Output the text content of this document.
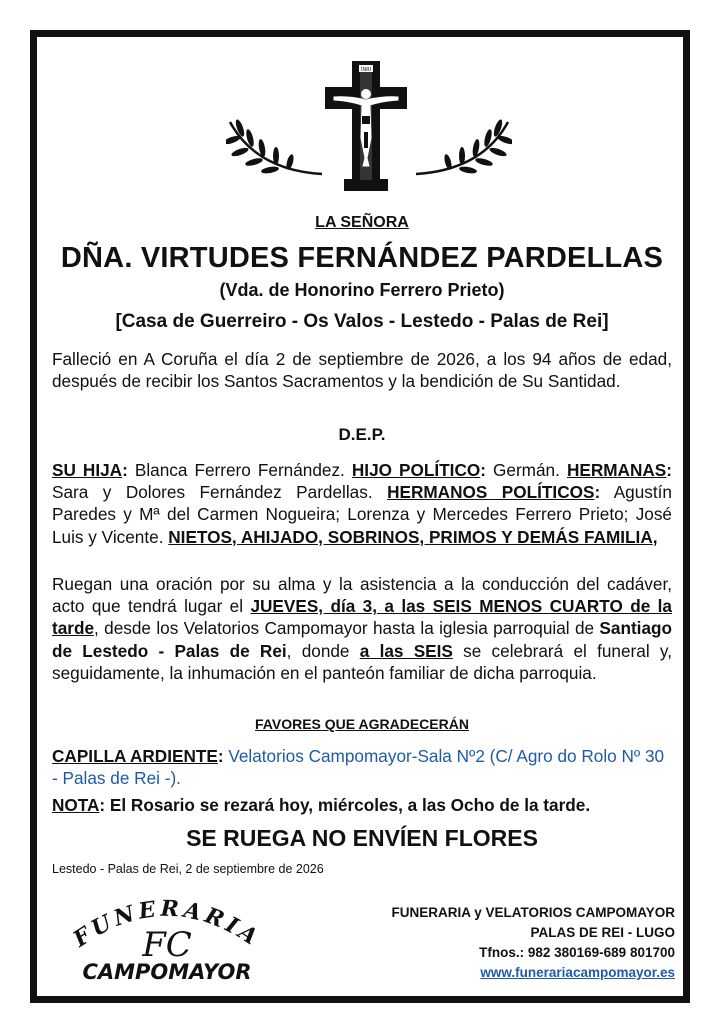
INRI
LA SEÑORA
DÑA. VIRTUDES FERNÁNDEZ PARDELLAS
(Vda. de Honorino Ferrero Prieto)
[Casa de Guerreiro - Os Valos - Lestedo - Palas de Rei]
Falleció en A Coruña el día 2 de septiembre de 2026, a los 94 años de edad, después de recibir los Santos Sacramentos y la bendición de Su Santidad.
D.E.P.
SU HIJA: Blanca Ferrero Fernández. HIJO POLÍTICO: Germán. HERMANAS: Sara y Dolores Fernández Pardellas. HERMANOS POLÍTICOS: Agustín Paredes y Mª del Carmen Nogueira; Lorenza y Mercedes Ferrero Prieto; José Luis y Vicente. NIETOS, AHIJADO, SOBRINOS, PRIMOS Y DEMÁS FAMILIA,
Ruegan una oración por su alma y la asistencia a la conducción del cadáver, acto que tendrá lugar el JUEVES, día 3, a las SEIS MENOS CUARTO de la tarde, desde los Velatorios Campomayor hasta la iglesia parroquial de Santiago de Lestedo - Palas de Rei, donde a las SEIS se celebrará el funeral y, seguidamente, la inhumación en el panteón familiar de dicha parroquia.
FAVORES QUE AGRADECERÁN
CAPILLA ARDIENTE: Velatorios Campomayor-Sala Nº2 (C/ Agro do Rolo Nº 30 - Palas de Rei -).
NOTA: El Rosario se rezará hoy, miércoles, a las Ocho de la tarde.
SE RUEGA NO ENVÍEN FLORES
Lestedo - Palas de Rei, 2 de septiembre de 2026
FUNERARIA
FC
CAMPOMAYOR
FUNERARIA y VELATORIOS CAMPOMAYOR
PALAS DE REI - LUGO
Tfnos.: 982 380169-689 801700
www.funerariacampomayor.es
